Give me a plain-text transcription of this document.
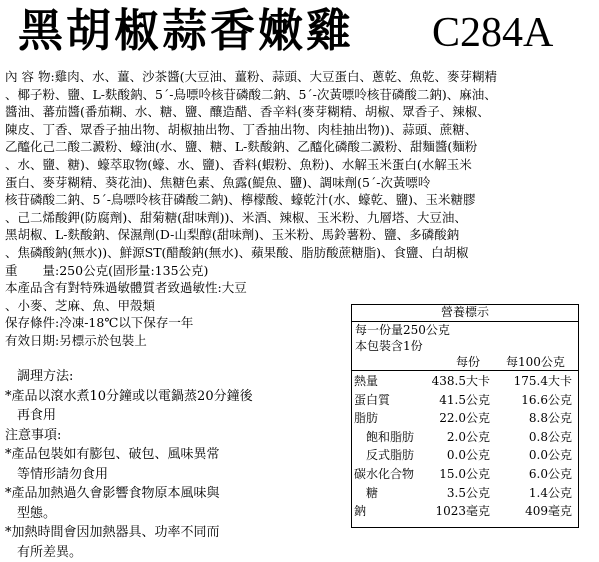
黑胡椒蒜香嫩雞 C284A
內 容 物:雞肉、水、薑、沙茶醬(大豆油、薑粉、蒜頭、大豆蛋白、蔥乾、魚乾、麥芽糊精
、椰子粉、鹽、L-麩酸鈉、5´-鳥嘌呤核苷磷酸二鈉、5´-次黃嘌呤核苷磷酸二鈉)、麻油、
醬油、蕃茄醬(番茄糊、水、糖、鹽、釀造醋、香辛料(麥芽糊精、胡椒、眾香子、辣椒、
陳皮、丁香、眾香子抽出物、胡椒抽出物、丁香抽出物、肉桂抽出物))、蒜頭、蔗糖、
乙醯化己二酸二澱粉、蠔油(水、鹽、糖、L-麩酸鈉、乙醯化磷酸二澱粉、甜麵醬(麵粉
、水、鹽、糖)、蠔萃取物(蠔、水、鹽)、香料(蝦粉、魚粉)、水解玉米蛋白(水解玉米
蛋白、麥芽糊精、葵花油)、焦糖色素、魚露(鯷魚、鹽)、調味劑(5´-次黃嘌呤
核苷磷酸二鈉、5´-鳥嘌呤核苷磷酸二鈉)、檸檬酸、蠔乾汁(水、蠔乾、鹽)、玉米糖膠
、己二烯酸鉀(防腐劑)、甜菊糖(甜味劑))、米酒、辣椒、玉米粉、九層塔、大豆油、
黑胡椒、L-麩酸鈉、保濕劑(D-山梨醇(甜味劑)、玉米粉、馬鈴薯粉、鹽、多磷酸鈉
、焦磷酸鈉(無水))、鮮源ST(醋酸鈉(無水)、蘋果酸、脂肪酸蔗糖脂)、食鹽、白胡椒
重　　量:250公克(固形量:135公克)
本產品含有對特殊過敏體質者致過敏性:大豆
、小麥、芝麻、魚、甲殼類
保存條件:冷凍-18℃以下保存一年
有效日期:另標示於包裝上
調理方法:
*產品以滾水煮10分鐘或以電鍋蒸20分鐘後
再食用
注意事項:
*產品包裝如有膨包、破包、風味異常
等情形請勿食用
*產品加熱過久會影響食物原本風味與
型態。
*加熱時間會因加熱器具、功率不同而
有所差異。
營養標示
每一份量250公克
本包裝含1份
每份 每100公克
熱量	438.5大卡 175.4大卡
蛋白質	41.5公克	16.6公克
脂肪	22.0公克	8.8公克
　飽和脂肪	2.0公克	0.8公克
　反式脂肪	0.0公克	0.0公克
碳水化合物 15.0公克	6.0公克
　糖	3.5公克	1.4公克
鈉	1023毫克	409毫克
